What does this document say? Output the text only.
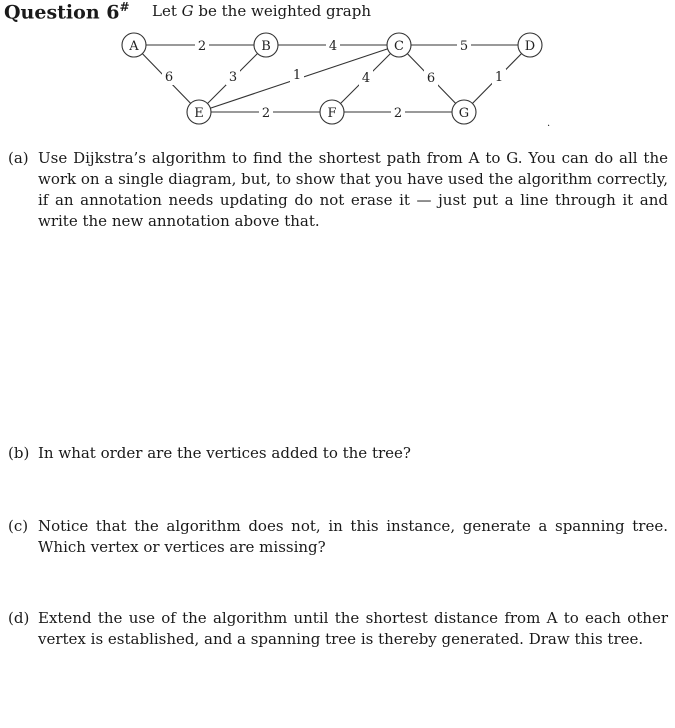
Question 6# Let G be the weighted graph
2	4	5
6	3	1	4	6	1
2	2
A	B	C	D
E	F	G
.
(a) Use Dijkstra’s algorithm to find the shortest path from A to G. You can do all the work on a single diagram, but, to show that you have used the algorithm correctly, if an annotation needs updating do not erase it — just put a line through it and write the new annotation above that.
(b) In what order are the vertices added to the tree?
(c) Notice that the algorithm does not, in this instance, generate a spanning tree. Which vertex or vertices are missing?
(d) Extend the use of the algorithm until the shortest distance from A to each other vertex is established, and a spanning tree is thereby generated. Draw this tree.
